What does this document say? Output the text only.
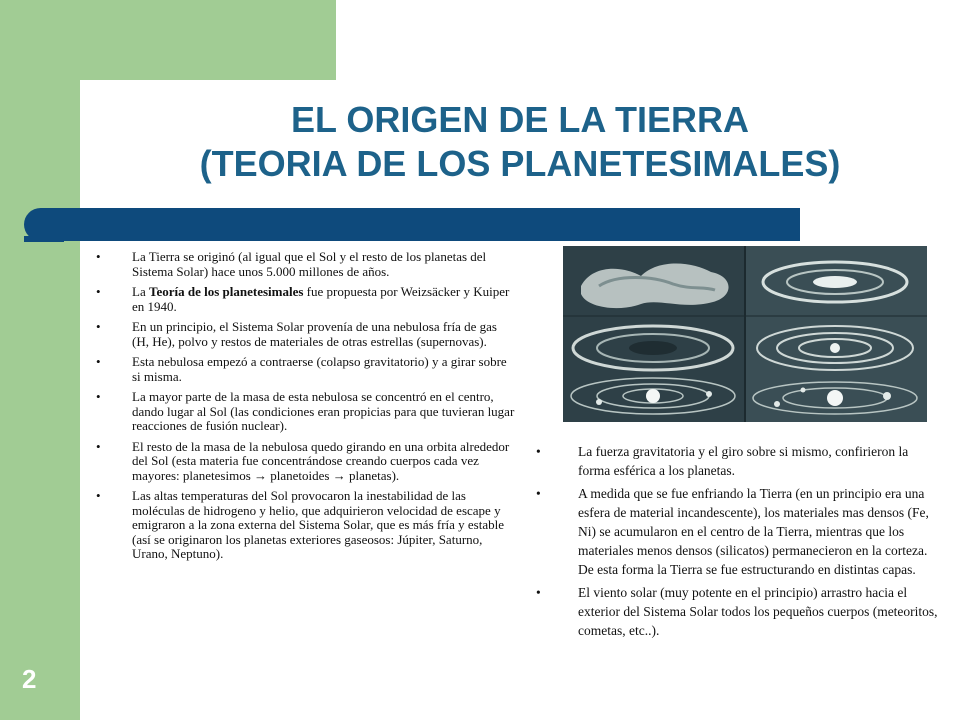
EL ORIGEN DE LA TIERRA
(TEORIA DE LOS PLANETESIMALES)
• La Tierra se originó (al igual que el Sol y el resto de los planetas del Sistema Solar) hace unos 5.000 millones de años.
• La Teoría de los planetesimales fue propuesta por Weizsäcker y Kuiper en 1940.
• En un principio, el Sistema Solar provenía de una nebulosa fría de gas (H, He), polvo y restos de materiales de otras estrellas (supernovas).
• Esta nebulosa empezó a contraerse (colapso gravitatorio) y a girar sobre si misma.
• La mayor parte de la masa de esta nebulosa se concentró en el centro, dando lugar al Sol (las condiciones eran propicias para que tuvieran lugar reacciones de fusión nuclear).
• El resto de la masa de la nebulosa quedo girando en una orbita alrededor del Sol (esta materia fue concentrándose creando cuerpos cada vez mayores: planetesimos → planetoides → planetas).
• Las altas temperaturas del Sol provocaron la inestabilidad de las moléculas de hidrogeno y helio, que adquirieron velocidad de escape y emigraron a la zona externa del Sistema Solar, que es más fría y estable (así se originaron los planetas exteriores gaseosos: Júpiter, Saturno, Urano, Neptuno).
•	La fuerza gravitatoria y el giro sobre si mismo, confirieron la forma esférica a los planetas.
•	A medida que se fue enfriando la Tierra (en un principio era una esfera de material incandescente), los materiales mas densos (Fe, Ni) se acumularon en el centro de la Tierra, mientras que los materiales menos densos (silicatos) permanecieron en la corteza. De esta forma la Tierra se fue estructurando en distintas capas.
•	El viento solar (muy potente en el principio) arrastro hacia el exterior del Sistema Solar todos los pequeños cuerpos (meteoritos, cometas, etc..).
2
